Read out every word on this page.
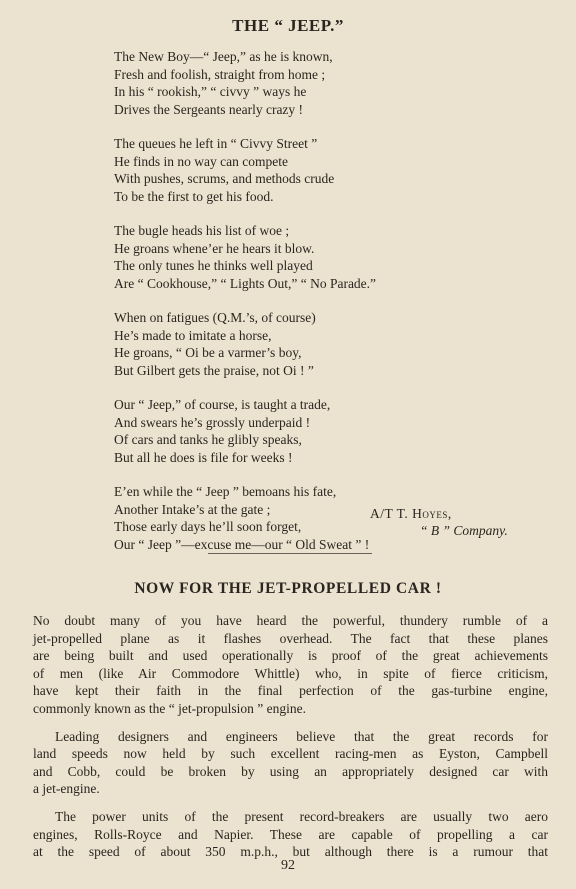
THE “ JEEP.”
The New Boy—“ Jeep,” as he is known,
Fresh and foolish, straight from home ;
In his “ rookish,” “ civvy ” ways he
Drives the Sergeants nearly crazy !
The queues he left in “ Civvy Street ”
He finds in no way can compete
With pushes, scrums, and methods crude
To be the first to get his food.
The bugle heads his list of woe ;
He groans whene’er he hears it blow.
The only tunes he thinks well played
Are “ Cookhouse,” “ Lights Out,” “ No Parade.”
When on fatigues (Q.M.’s, of course)
He’s made to imitate a horse,
He groans, “ Oi be a varmer’s boy,
But Gilbert gets the praise, not Oi ! ”
Our “ Jeep,” of course, is taught a trade,
And swears he’s grossly underpaid !
Of cars and tanks he glibly speaks,
But all he does is file for weeks !
E’en while the “ Jeep ” bemoans his fate,
Another Intake’s at the gate ;
Those early days he’ll soon forget,
Our “ Jeep ”—excuse me—our “ Old Sweat ” !
A/T T. Hoyes,
“ B ” Company.
NOW FOR THE JET-PROPELLED CAR !
No doubt many of you have heard the powerful, thundery rumble of a
jet-propelled plane as it flashes overhead. The fact that these planes
are being built and used operationally is proof of the great achievements
of men (like Air Commodore Whittle) who, in spite of fierce criticism,
have kept their faith in the final perfection of the gas-turbine engine,
commonly known as the “ jet-propulsion ” engine.
Leading designers and engineers believe that the great records for
land speeds now held by such excellent racing-men as Eyston, Campbell
and Cobb, could be broken by using an appropriately designed car with
a jet-engine.
The power units of the present record-breakers are usually two aero
engines, Rolls-Royce and Napier. These are capable of propelling a car
at the speed of about 350 m.p.h., but although there is a rumour that
92
